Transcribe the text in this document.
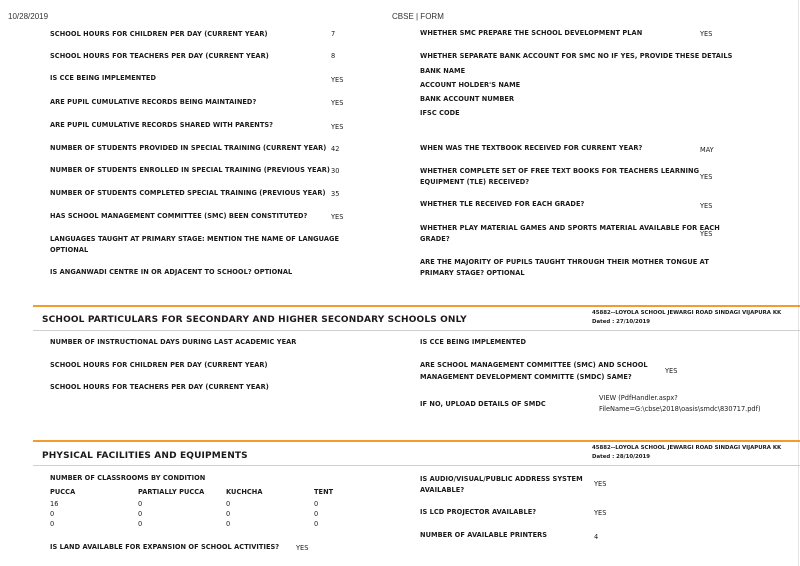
10/28/2019	CBSE | FORM
SCHOOL HOURS FOR CHILDREN PER DAY (CURRENT YEAR)	7
SCHOOL HOURS FOR TEACHERS PER DAY (CURRENT YEAR)	8
IS CCE BEING IMPLEMENTED	YES
ARE PUPIL CUMULATIVE RECORDS BEING MAINTAINED?	YES
ARE PUPIL CUMULATIVE RECORDS SHARED WITH PARENTS?	YES
NUMBER OF STUDENTS PROVIDED IN SPECIAL TRAINING (CURRENT YEAR) 42
NUMBER OF STUDENTS ENROLLED IN SPECIAL TRAINING (PREVIOUS YEAR) 30
NUMBER OF STUDENTS COMPLETED SPECIAL TRAINING (PREVIOUS YEAR) 35
HAS SCHOOL MANAGEMENT COMMITTEE (SMC) BEEN CONSTITUTED?	YES
LANGUAGES TAUGHT AT PRIMARY STAGE: MENTION THE NAME OF LANGUAGE
OPTIONAL
IS ANGANWADI CENTRE IN OR ADJACENT TO SCHOOL? OPTIONAL
WHETHER SMC PREPARE THE SCHOOL DEVELOPMENT PLAN	YES
WHETHER SEPARATE BANK ACCOUNT FOR SMC NO IF YES, PROVIDE THESE DETAILS
BANK NAME
ACCOUNT HOLDER'S NAME
BANK ACCOUNT NUMBER
IFSC CODE
WHEN WAS THE TEXTBOOK RECEIVED FOR CURRENT YEAR?	MAY
WHETHER COMPLETE SET OF FREE TEXT BOOKS FOR TEACHERS LEARNING
EQUIPMENT (TLE) RECEIVED?
YES
WHETHER TLE RECEIVED FOR EACH GRADE?	YES
WHETHER PLAY MATERIAL GAMES AND SPORTS MATERIAL AVAILABLE FOR EACH
GRADE?
YES
ARE THE MAJORITY OF PUPILS TAUGHT THROUGH THEIR MOTHER TONGUE AT
PRIMARY STAGE? OPTIONAL
SCHOOL PARTICULARS FOR SECONDARY AND HIGHER SECONDARY SCHOOLS ONLY
45882--LOYOLA SCHOOL JEWARGI ROAD SINDAGI VIJAPURA KK
Dated : 27/10/2019
NUMBER OF INSTRUCTIONAL DAYS DURING LAST ACADEMIC YEAR
SCHOOL HOURS FOR CHILDREN PER DAY (CURRENT YEAR)
SCHOOL HOURS FOR TEACHERS PER DAY (CURRENT YEAR)
IS CCE BEING IMPLEMENTED
ARE SCHOOL MANAGEMENT COMMITTEE (SMC) AND SCHOOL
MANAGEMENT DEVELOPMENT COMMITTE (SMDC) SAME?
YES
IF NO, UPLOAD DETAILS OF SMDC
VIEW (PdfHandler.aspx?
FileName=G:\cbse\2018\oasis\smdc\830717.pdf)
PHYSICAL FACILITIES AND EQUIPMENTS
45882--LOYOLA SCHOOL JEWARGI ROAD SINDAGI VIJAPURA KK
Dated : 28/10/2019
NUMBER OF CLASSROOMS BY CONDITION
PUCCA	PARTIALLY PUCCA	KUCHCHA	TENT
16	0	0	0
0	0	0	0
0	0	0	0
IS LAND AVAILABLE FOR EXPANSION OF SCHOOL ACTIVITIES?	YES
IS AUDIO/VISUAL/PUBLIC ADDRESS SYSTEM
AVAILABLE?
YES
IS LCD PROJECTOR AVAILABLE?	YES
NUMBER OF AVAILABLE PRINTERS	4
